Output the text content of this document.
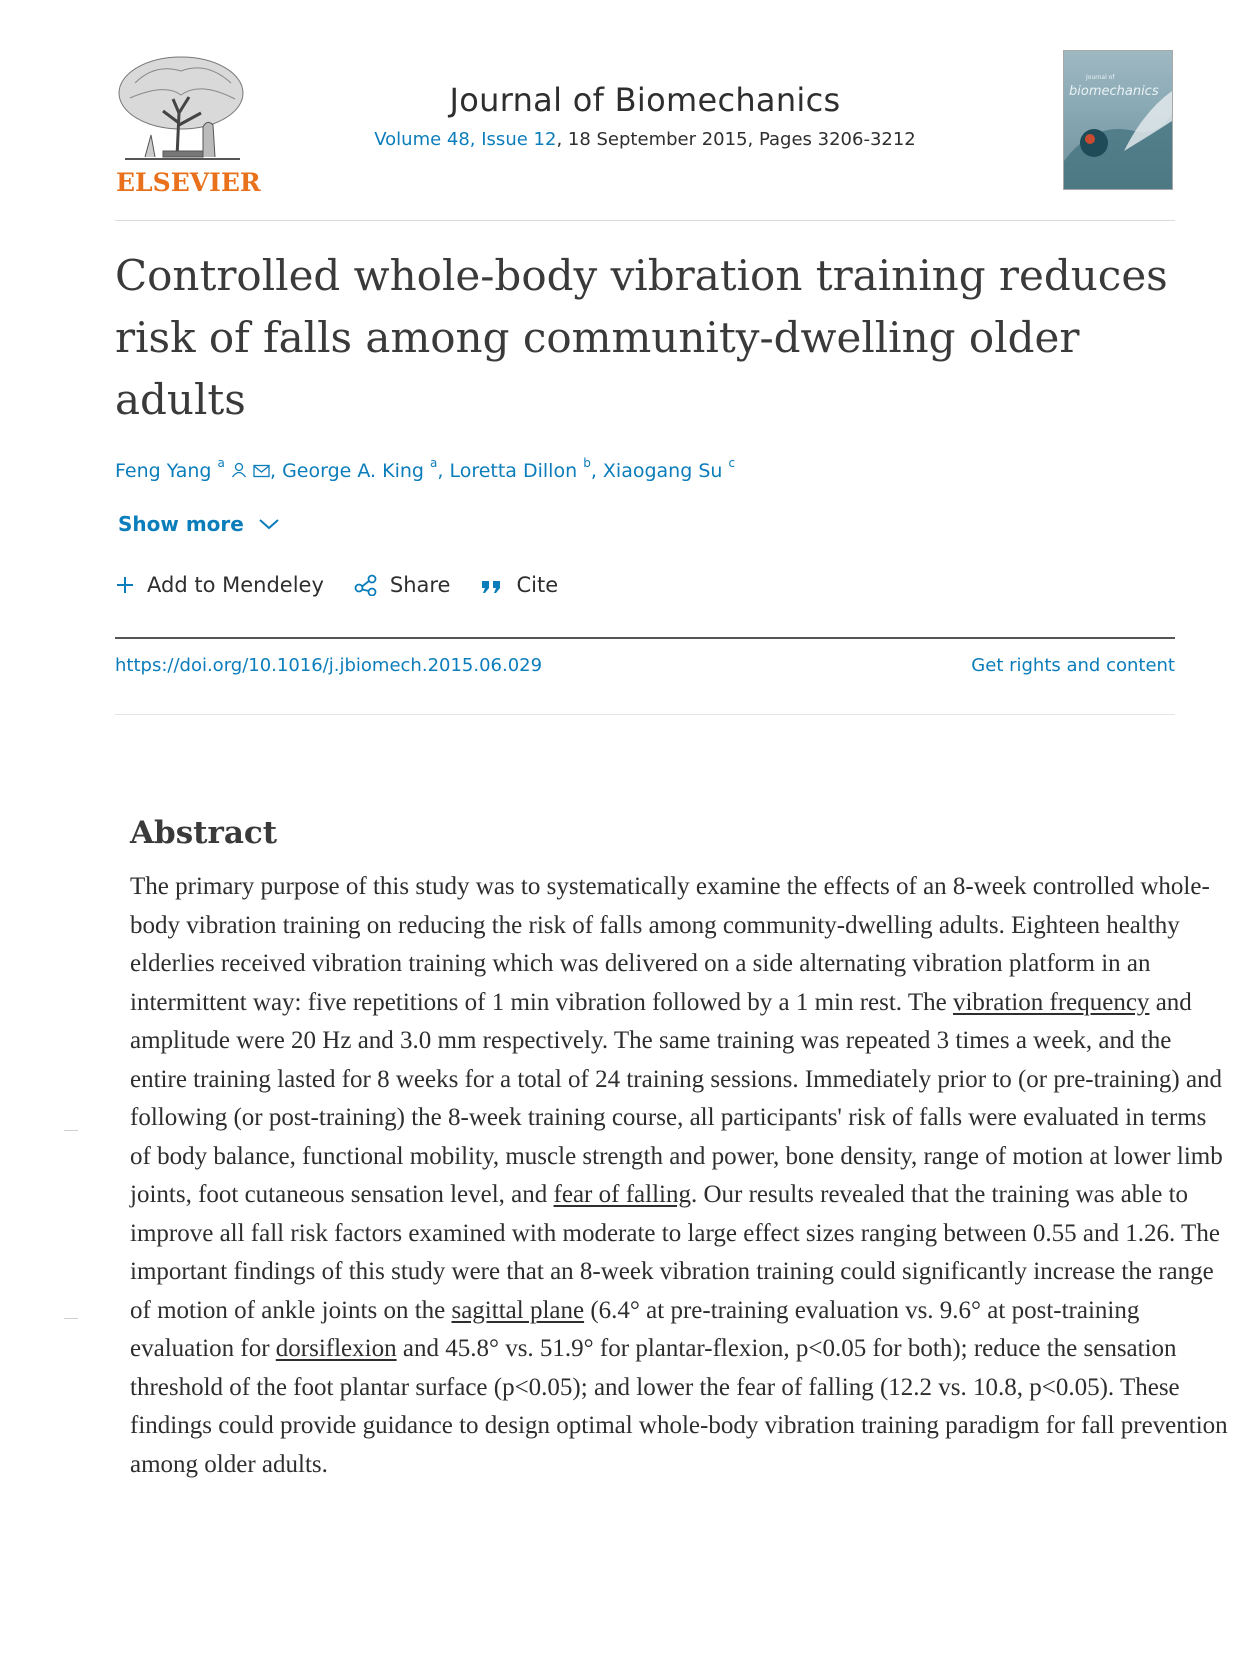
ELSEVIER
Journal of Biomechanics
Volume 48, Issue 12, 18 September 2015, Pages 3206-3212
Journal of
biomechanics
Controlled whole-body vibration training reduces risk of falls among community-dwelling older adults
Feng Yang $^a$ , George A. King $^a$, Loretta Dillon $^b$, Xiaogang Su $^c$
Show more
Add to Mendeley	Share	Cite
https://doi.org/10.1016/j.jbiomech.2015.06.029	Get rights and content
Abstract

The primary purpose of this study was to systematically examine the effects of an 8-week controlled whole-body vibration training on reducing the risk of falls among community-dwelling adults. Eighteen healthy elderlies received vibration training which was delivered on a side alternating vibration platform in an intermittent way: five repetitions of 1 min vibration followed by a 1 min rest. The vibration frequency and amplitude were 20 Hz and 3.0 mm respectively. The same training was repeated 3 times a week, and the entire training lasted for 8 weeks for a total of 24 training sessions. Immediately prior to (or pre-training) and following (or post-training) the 8-week training course, all participants' risk of falls were evaluated in terms of body balance, functional mobility, muscle strength and power, bone density, range of motion at lower limb joints, foot cutaneous sensation level, and fear of falling. Our results revealed that the training was able to improve all fall risk factors examined with moderate to large effect sizes ranging between 0.55 and 1.26. The important findings of this study were that an 8-week vibration training could significantly increase the range of motion of ankle joints on the sagittal plane (6.4° at pre-training evaluation vs. 9.6° at post-training evaluation for dorsiflexion and 45.8° vs. 51.9° for plantar-flexion, p<0.05 for both); reduce the sensation threshold of the foot plantar surface (p<0.05); and lower the fear of falling (12.2 vs. 10.8, p<0.05). These findings could provide guidance to design optimal whole-body vibration training paradigm for fall prevention among older adults.
